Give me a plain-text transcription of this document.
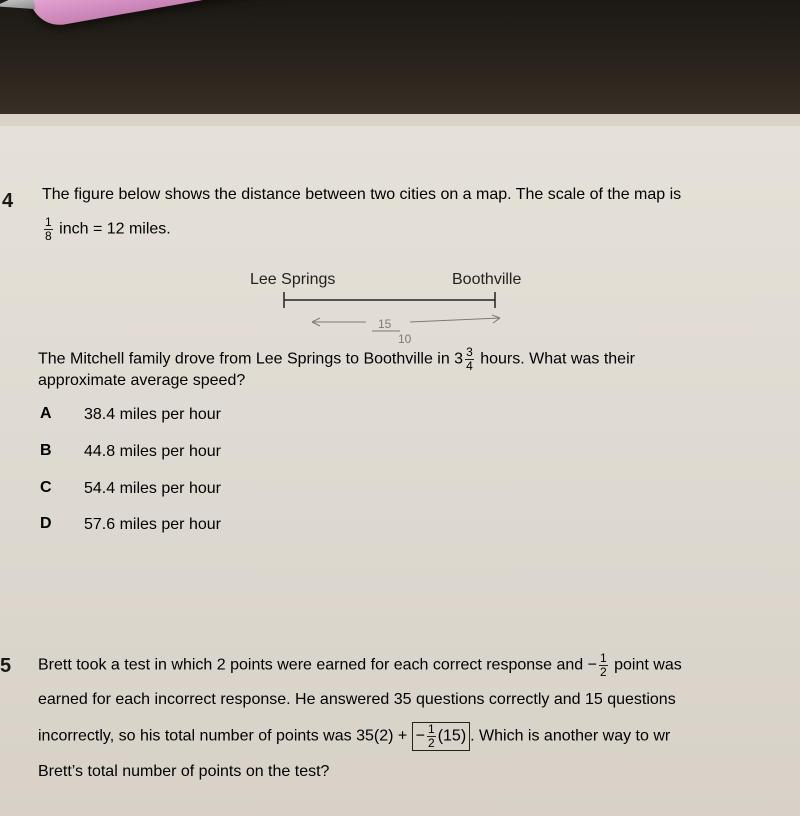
4 The figure below shows the distance between two cities on a map. The scale of the map is
$\frac{1}{8}$ inch = 12 miles.
Lee Springs	Boothville
15
10
The Mitchell family drove from Lee Springs to Boothville in $3 \frac{3}{4}$ hours. What was their
approximate average speed?
A 38.4 miles per hour
B 44.8 miles per hour
C 54.4 miles per hour
D 57.6 miles per hour
5 Brett took a test in which 2 points were earned for each correct response and − $\frac{1}{2}$ point was
earned for each incorrect response. He answered 35 questions correctly and 15 questions
incorrectly, so his total number of points was 35(2) + − $\frac{1}{2} (15)$ . Which is another way to wr
Brett’s total number of points on the test?
